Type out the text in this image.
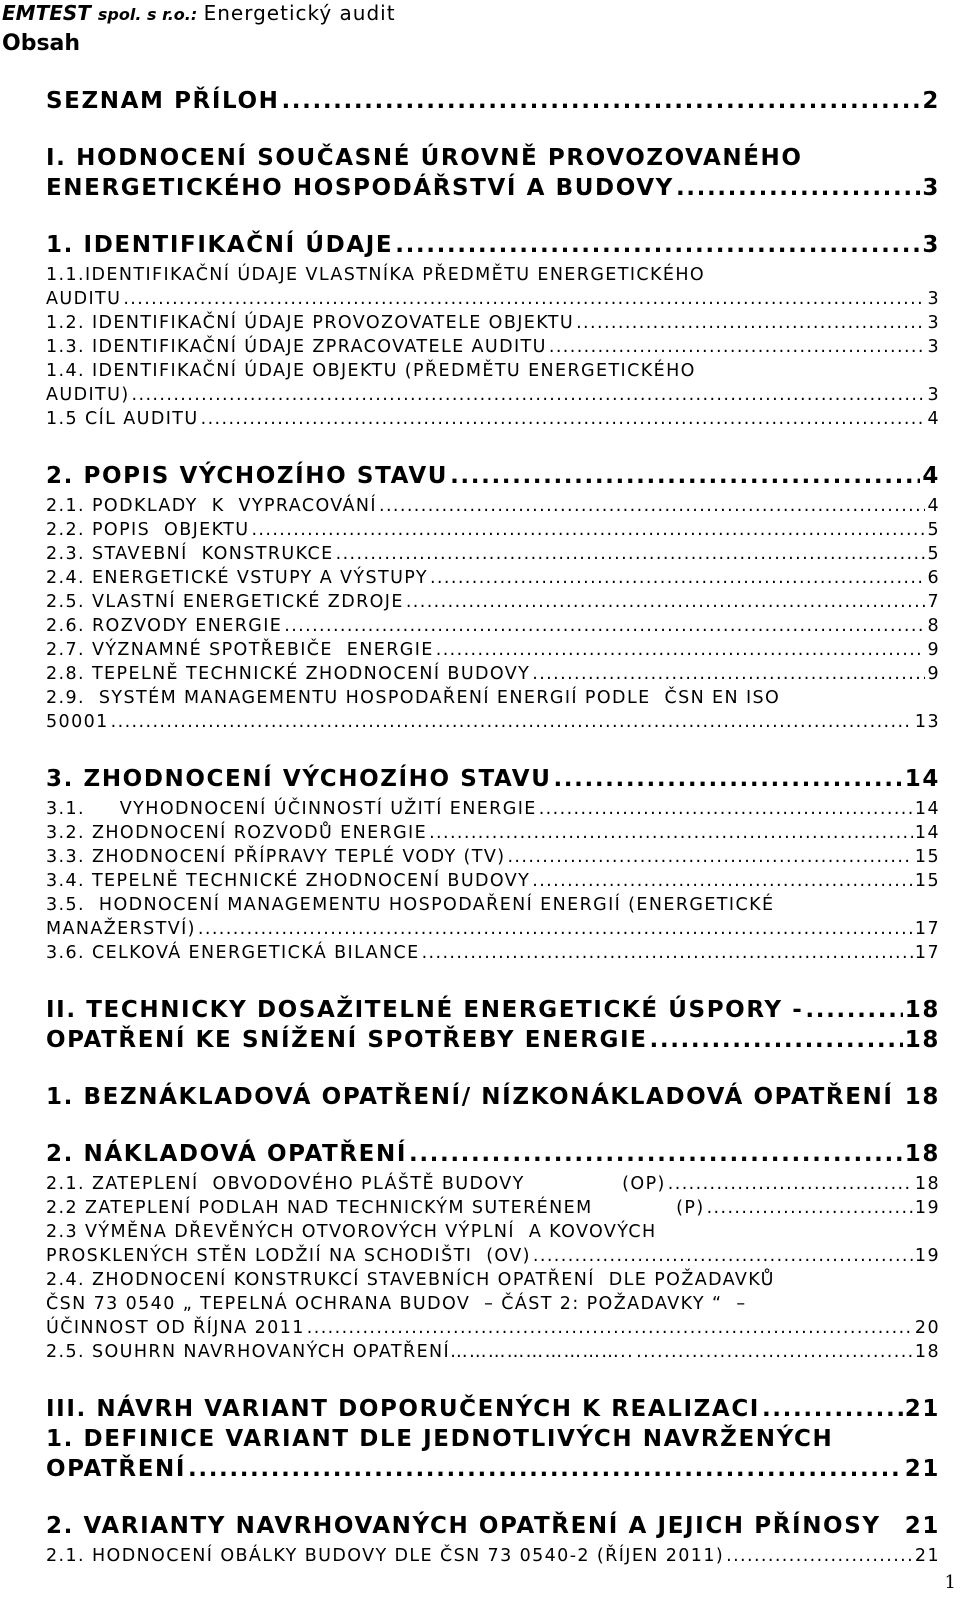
EMTEST spol. s r.o.: Energetický audit
Obsah
SEZNAM PŘÍLOH .....	2
I. HODNOCENÍ SOUČASNÉ ÚROVNĚ PROVOZOVANÉHO
ENERGETICKÉHO HOSPODÁŘSTVÍ A BUDOVY .....	3
1. IDENTIFIKAČNÍ ÚDAJE .....	3
1.1.IDENTIFIKAČNÍ ÚDAJE VLASTNÍKA PŘEDMĚTU ENERGETICKÉHO
AUDITU .....	3
1.2. IDENTIFIKAČNÍ ÚDAJE PROVOZOVATELE OBJEKTU .....	3
1.3. IDENTIFIKAČNÍ ÚDAJE ZPRACOVATELE AUDITU .....	3
1.4. IDENTIFIKAČNÍ ÚDAJE OBJEKTU (PŘEDMĚTU ENERGETICKÉHO
AUDITU) .....	3
1.5 CÍL AUDITU .....	4
2. POPIS VÝCHOZÍHO STAVU .....	4
2.1. PODKLADY  K  VYPRACOVÁNÍ .....	4
2.2. POPIS  OBJEKTU .....	5
2.3. STAVEBNÍ  KONSTRUKCE .....	5
2.4. ENERGETICKÉ VSTUPY A VÝSTUPY .....	6
2.5. VLASTNÍ ENERGETICKÉ ZDROJE .....	7
2.6. ROZVODY ENERGIE .....	8
2.7. VÝZNAMNÉ SPOTŘEBIČE  ENERGIE .....	9
2.8. TEPELNĚ TECHNICKÉ ZHODNOCENÍ BUDOVY .....	9
2.9.  SYSTÉM MANAGEMENTU HOSPODAŘENÍ ENERGIÍ PODLE  ČSN EN ISO
50001 .....	13
3. ZHODNOCENÍ VÝCHOZÍHO STAVU .....	14
3.1.     VYHODNOCENÍ ÚČINNOSTÍ UŽITÍ ENERGIE .....	14
3.2. ZHODNOCENÍ ROZVODŮ ENERGIE .....	14
3.3. ZHODNOCENÍ PŘÍPRAVY TEPLÉ VODY (TV) .....	15
3.4. TEPELNĚ TECHNICKÉ ZHODNOCENÍ BUDOVY .....	15
3.5.  HODNOCENÍ MANAGEMENTU HOSPODAŘENÍ ENERGIÍ (ENERGETICKÉ
MANAŽERSTVÍ) .....	17
3.6. CELKOVÁ ENERGETICKÁ BILANCE .....	17
II. TECHNICKY DOSAŽITELNÉ ENERGETICKÉ ÚSPORY - .....	18
OPATŘENÍ KE SNÍŽENÍ SPOTŘEBY ENERGIE .....	18
1. BEZNÁKLADOVÁ OPATŘENÍ/ NÍZKONÁKLADOVÁ OPATŘENÍ 18
2. NÁKLADOVÁ OPATŘENÍ .....	18
2.1. ZATEPLENÍ  OBVODOVÉHO PLÁŠTĚ BUDOVY              (OP) .....	18
2.2 ZATEPLENÍ PODLAH NAD TECHNICKÝM SUTERÉNEM            (P) .....	19
2.3 VÝMĚNA DŘEVĚNÝCH OTVOROVÝCH VÝPLNÍ  A KOVOVÝCH
PROSKLENÝCH STĚN LODŽIÍ NA SCHODIŠTI  (OV) .....	19
2.4. ZHODNOCENÍ KONSTRUKCÍ STAVEBNÍCH OPATŘENÍ  DLE POŽADAVKŮ
ČSN 73 0540 „ TEPELNÁ OCHRANA BUDOV  – ČÁST 2: POŽADAVKY “  –
ÚČINNOST OD ŘÍJNA 2011 .....	20
2.5. SOUHRN NAVRHOVANÝCH OPATŘENÍ……………………….. .....	18
III. NÁVRH VARIANT DOPORUČENÝCH K REALIZACI .....	21
1. DEFINICE VARIANT DLE JEDNOTLIVÝCH NAVRŽENÝCH
OPATŘENÍ .....	21
2. VARIANTY NAVRHOVANÝCH OPATŘENÍ A JEJICH PŘÍNOSY 21
2.1. HODNOCENÍ OBÁLKY BUDOVY DLE ČSN 73 0540-2 (ŘÍJEN 2011) .....	21
1
